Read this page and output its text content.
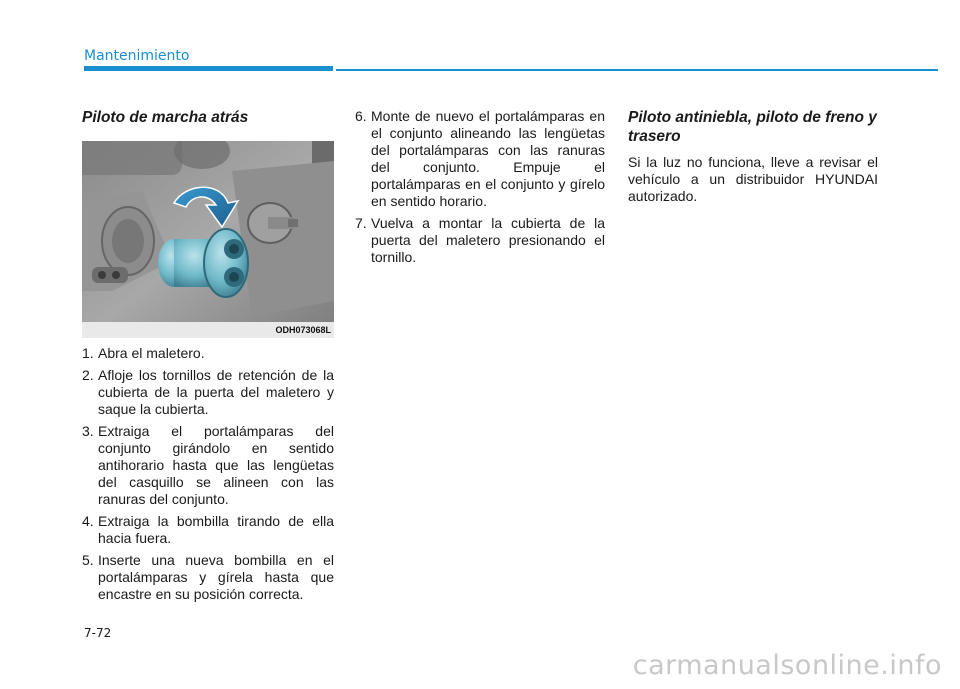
Mantenimiento
Piloto de marcha atrás
ODH073068L
1. Abra el maletero.
2. Afloje los tornillos de retención de la cubierta de la puerta del maletero y saque la cubierta.
3. Extraiga el portalámparas del conjunto girándolo en sentido antihorario hasta que las lengüetas del casquillo se alineen con las ranuras del conjunto.
4. Extraiga la bombilla tirando de ella hacia fuera.
5. Inserte una nueva bombilla en el portalámparas y gírela hasta que encastre en su posición correcta.
6. Monte de nuevo el portalámparas en el conjunto alineando las lengüetas del portalámparas con las ranuras del conjunto. Empuje el portalámparas en el conjunto y gírelo en sentido horario.
7. Vuelva a montar la cubierta de la puerta del maletero presionando el tornillo.
Piloto antiniebla, piloto de freno y trasero

Si la luz no funciona, lleve a revisar el vehículo a un distribuidor HYUNDAI autorizado.

7-72
carmanualsonline.info
